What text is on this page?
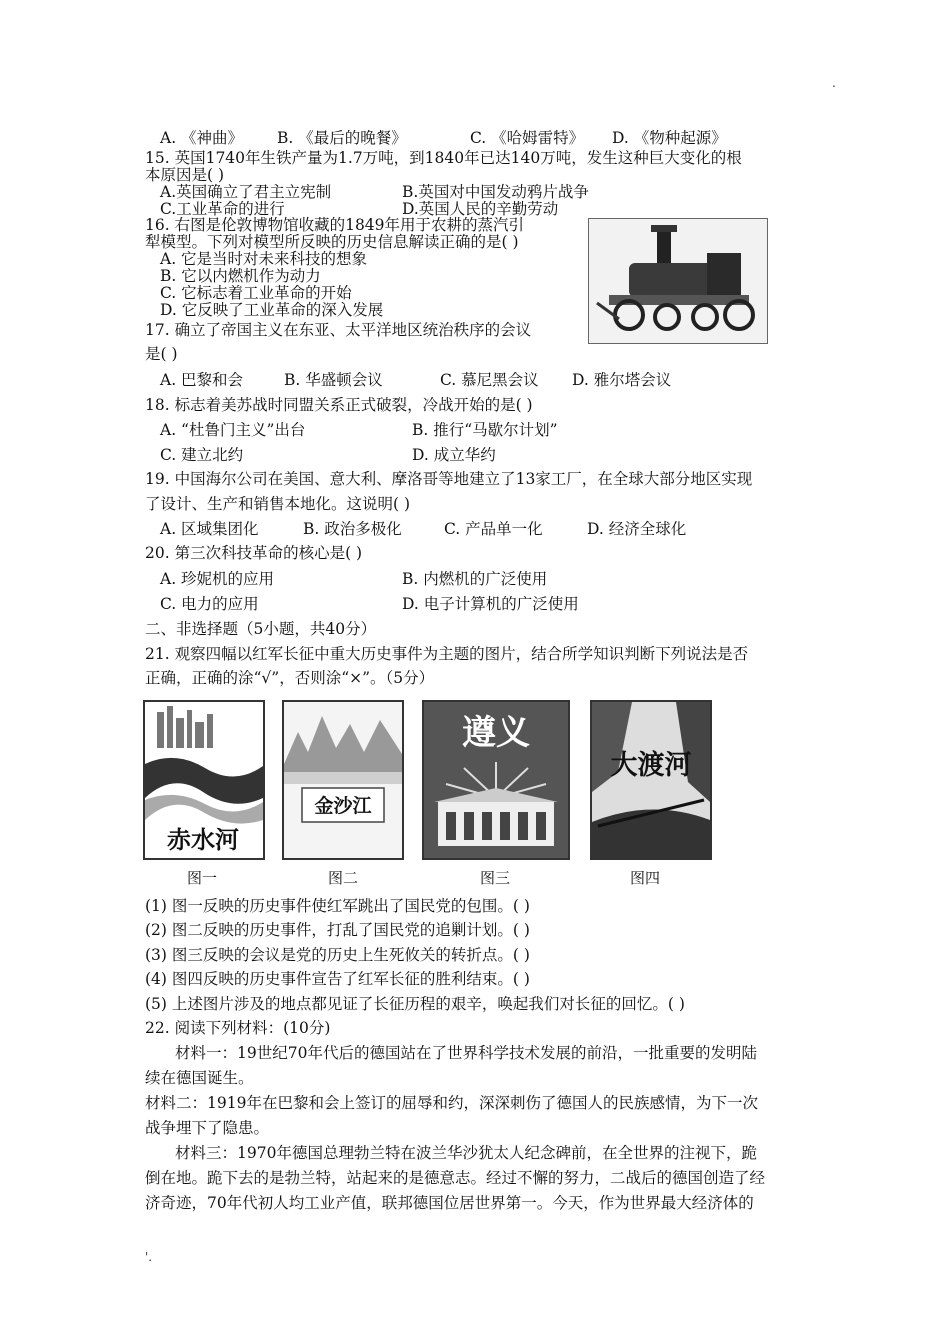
.
A. 《神曲》 B. 《最后的晚餐》	C. 《哈姆雷特》 D. 《物种起源》
15. 英国1740年生铁产量为1.7万吨，到1840年已达140万吨，发生这种巨大变化的根
本原因是( )
A.英国确立了君主立宪制	B.英国对中国发动鸦片战争
C.工业革命的进行	D.英国人民的辛勤劳动
16. 右图是伦敦博物馆收藏的1849年用于农耕的蒸汽引
犁模型。下列对模型所反映的历史信息解读正确的是( )
A. 它是当时对未来科技的想象
B. 它以内燃机作为动力
C. 它标志着工业革命的开始
D. 它反映了工业革命的深入发展
17. 确立了帝国主义在东亚、太平洋地区统治秩序的会议
是( )
A. 巴黎和会	B. 华盛顿会议	C. 慕尼黑会议 D. 雅尔塔会议
18. 标志着美苏战时同盟关系正式破裂，冷战开始的是( )
A. “杜鲁门主义”出台	B. 推行“马歇尔计划”
C. 建立北约	D. 成立华约
19. 中国海尔公司在美国、意大利、摩洛哥等地建立了13家工厂，在全球大部分地区实现
了设计、生产和销售本地化。这说明( )
A. 区域集团化	B. 政治多极化	C. 产品单一化	D. 经济全球化
20. 第三次科技革命的核心是( )
A. 珍妮机的应用	B. 内燃机的广泛使用
C. 电力的应用	D. 电子计算机的广泛使用
二、非选择题（5小题，共40分）
21. 观察四幅以红军长征中重大历史事件为主题的图片，结合所学知识判断下列说法是否
正确，正确的涂“√”，否则涂“×”。（5分）
赤水河
金沙江
遵义
大渡河
图一	图二	图三	图四
(1) 图一反映的历史事件使红军跳出了国民党的包围。( )
(2) 图二反映的历史事件，打乱了国民党的追剿计划。( )
(3) 图三反映的会议是党的历史上生死攸关的转折点。( )
(4) 图四反映的历史事件宣告了红军长征的胜利结束。( )
(5) 上述图片涉及的地点都见证了长征历程的艰辛，唤起我们对长征的回忆。( )
22. 阅读下列材料：(10分)
材料一：19世纪70年代后的德国站在了世界科学技术发展的前沿，一批重要的发明陆
续在德国诞生。
材料二：1919年在巴黎和会上签订的屈辱和约，深深刺伤了德国人的民族感情，为下一次
战争埋下了隐患。
材料三：1970年德国总理勃兰特在波兰华沙犹太人纪念碑前，在全世界的注视下，跪
倒在地。跪下去的是勃兰特，站起来的是德意志。经过不懈的努力，二战后的德国创造了经
济奇迹，70年代初人均工业产值，联邦德国位居世界第一。今天，作为世界最大经济体的
'.
